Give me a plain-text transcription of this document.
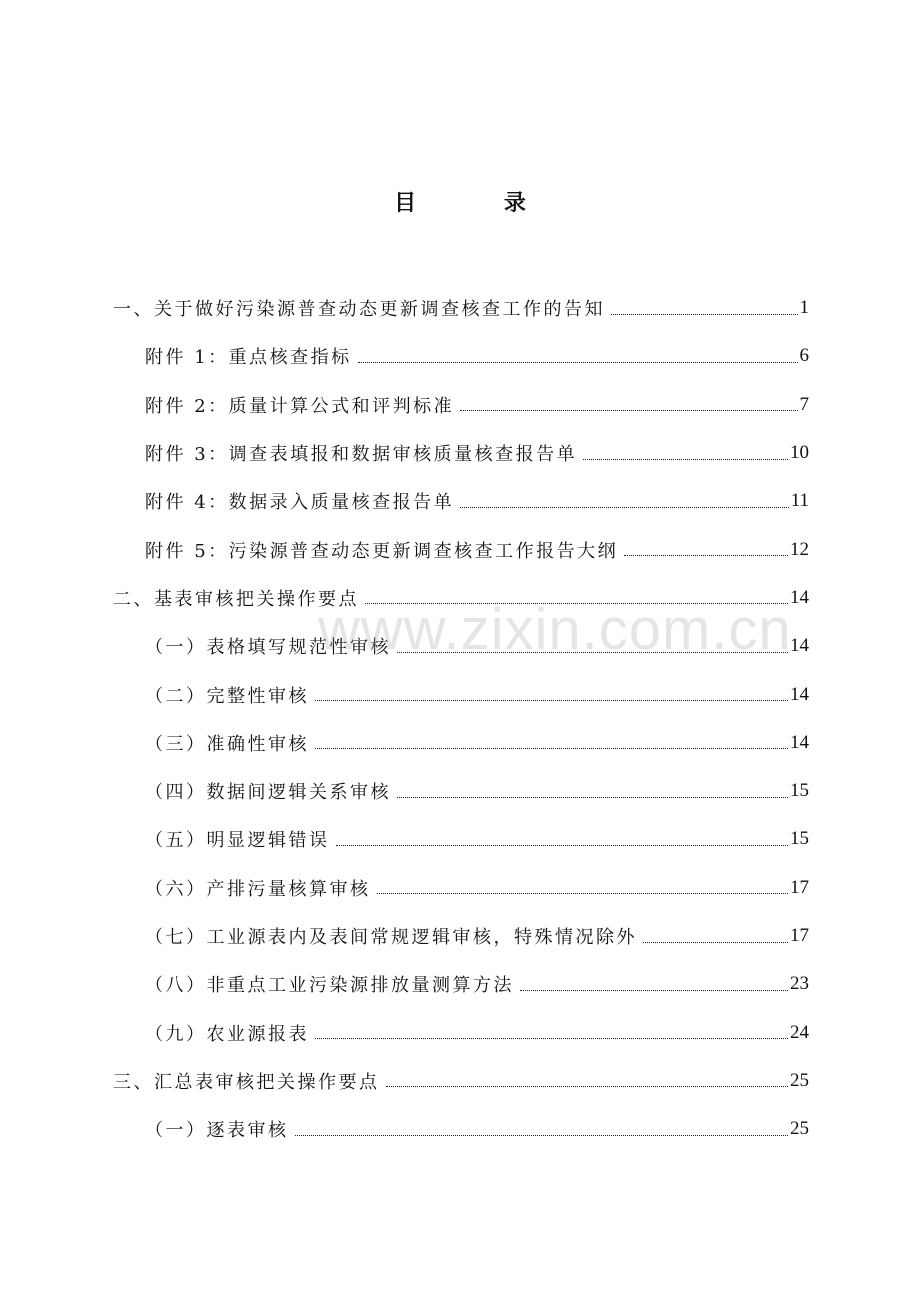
目 录
一、关于做好污染源普查动态更新调查核查工作的告知	1
附件 1：重点核查指标	6
附件 2：质量计算公式和评判标准	7
附件 3：调查表填报和数据审核质量核查报告单	10
附件 4：数据录入质量核查报告单	11
附件 5：污染源普查动态更新调查核查工作报告大纲	12
二、基表审核把关操作要点	14
（一）表格填写规范性审核	14
（二）完整性审核	14
（三）准确性审核	14
（四）数据间逻辑关系审核	15
（五）明显逻辑错误	15
（六）产排污量核算审核	17
（七）工业源表内及表间常规逻辑审核，特殊情况除外	17
（八）非重点工业污染源排放量测算方法	23
（九）农业源报表	24
三、汇总表审核把关操作要点	25
（一）逐表审核	25
www.zixin.com.cn
